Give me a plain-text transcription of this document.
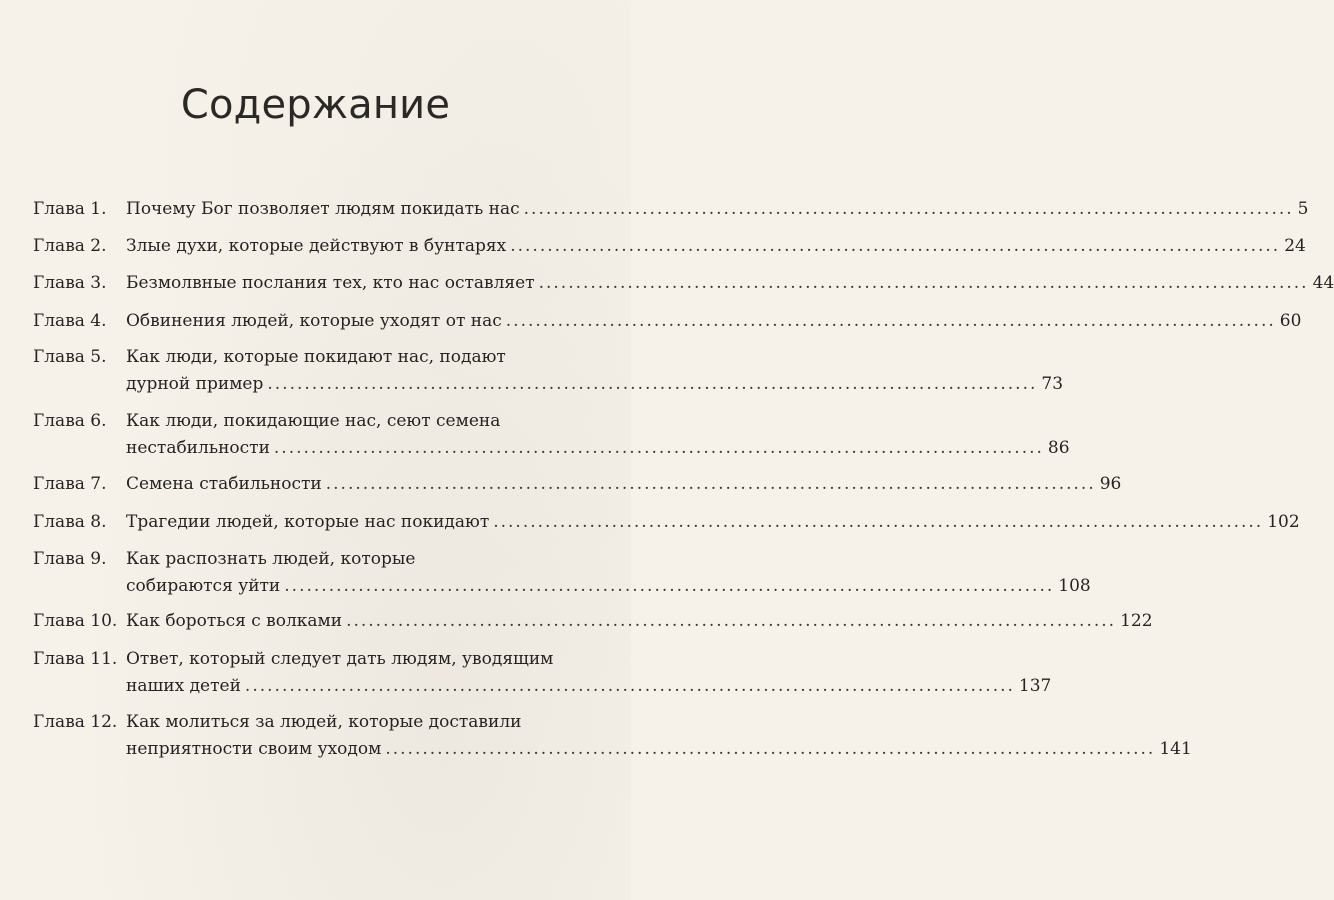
Содержание
Глава 1.	Почему Бог позволяет людям покидать нас .....	5
Глава 2.	Злые духи, которые действуют в бунтарях .....	24
Глава 3.	Безмолвные послания тех, кто нас оставляет .....	44
Глава 4.	Обвинения людей, которые уходят от нас .....	60
Глава 5.	Как люди, которые покидают нас, подают
дурной пример .....	73
Глава 6.	Как люди, покидающие нас, сеют семена
нестабильности .....	86
Глава 7.	Семена стабильности .....	96
Глава 8.	Трагедии людей, которые нас покидают .....	102
Глава 9.	Как распознать людей, которые
собираются уйти .....	108
Глава 10. Как бороться с волками .....	122
Глава 11. Ответ, который следует дать людям, уводящим
наших детей .....	137
Глава 12. Как молиться за людей, которые доставили
неприятности своим уходом .....	141
